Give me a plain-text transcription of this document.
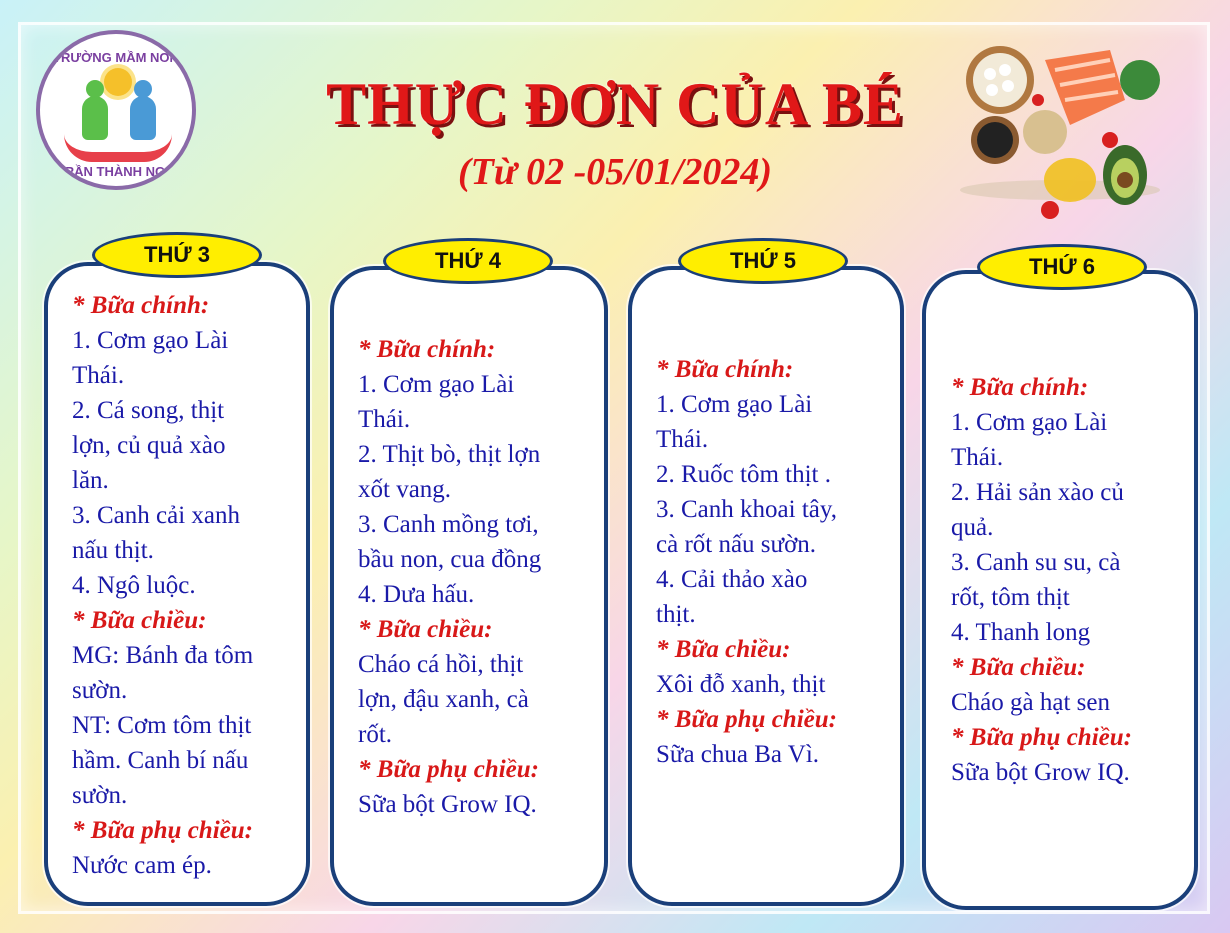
TRƯỜNG MẦM NON
TRẦN THÀNH NGỌ
THỰC ĐƠN CỦA BÉ
(Từ 02 -05/01/2024)
THỨ 3
* Bữa chính:
1. Cơm gạo Lài
Thái.
2. Cá song, thịt
lợn, củ quả xào
lăn.
3. Canh cải xanh
nấu thịt.
4. Ngô luộc.
* Bữa chiều:
MG: Bánh đa tôm
sườn.
NT: Cơm tôm thịt
hầm. Canh bí nấu
sườn.
* Bữa phụ chiều:
Nước cam ép.
THỨ 4
* Bữa chính:
1. Cơm gạo Lài
Thái.
2. Thịt bò, thịt lợn
xốt vang.
3. Canh mồng tơi,
bầu non, cua đồng
4. Dưa hấu.
* Bữa chiều:
Cháo cá hồi, thịt
lợn, đậu xanh, cà
rốt.
* Bữa phụ chiều:
Sữa bột Grow IQ.
THỨ 5
* Bữa chính:
1. Cơm gạo Lài
Thái.
2. Ruốc tôm thịt .
3. Canh khoai tây,
cà rốt nấu sườn.
4. Cải thảo xào
thịt.
* Bữa chiều:
Xôi đỗ xanh, thịt
* Bữa phụ chiều:
Sữa chua Ba Vì.
THỨ 6
* Bữa chính:
1. Cơm gạo Lài
Thái.
2. Hải sản xào củ
quả.
3. Canh su su, cà
rốt, tôm thịt
4. Thanh long
* Bữa chiều:
Cháo gà hạt sen
* Bữa phụ chiều:
Sữa bột Grow IQ.
